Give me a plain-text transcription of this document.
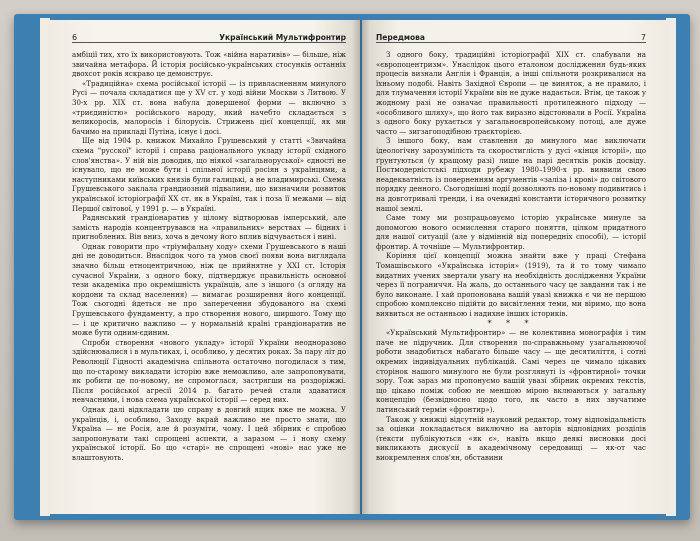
6	Український Мультифронтир

амбіції тих, хто їх використовують. Тож «війна наративів» — більше, ніж звичайна метафора. Й історія російсько-українських стосунків останніх двохсот років яскраво це демонструє.

«Традиційна» схема російської історії — із привласненням минулого Русі — почала складатися ще у XV ст. у ході війни Москви з Литвою. У 30-х рр. XIX ст. вона набула довершеної форми — включно з «триєдиністю» російського народу, який начебто складається з великоросів, малоросів і білорусів. Стрижень цієї концепції, як ми бачимо на прикладі Путіна, існує і досі.

Ще від 1904 р. книжок Михайло Грушевський у статті «Звичайна схема "русскої" історії і справа раціонального укладу історії східного слов'янства». У ній він доводив, що ніякої «загальноруської» єдності не існувало, що не може бути і спільної історії росіян з українцями, а наступниками київських князів були галицькі, а не владимирські. Схема Грушевського заклала грандиозний підвалини, що визначили розвиток української історіографії ХХ ст. як в Україні, так і поза її межами — від Першої світової, у 1991 р. — в Україні.

Радянський грандіонаратив у цілому відтворював імперський, але замість народів концентрувався на «правильних» верствах — бідних і пригноблених. Він вниз, хоча в дечому його вплив відчувається і нині.

Однак говорити про «тріумфальну ходу» схеми Грушевського в наші дні не доводиться. Внаслідок чого та умов своєї появи вона виглядала значно більш етноцентричною, ніж це прийнятне у ХХІ ст. Історія сучасної України, з одного боку, підтверджує правильність основної тези академіка про окремішність українців, але з іншого (з огляду на кордони та склад населення) — вимагає розширення його концепції. Тож сьогодні йдеться не про заперечення збудованого на схемі Грушевського фундаменту, а про створення нового, ширшого. Тому що — і це критично важливо — у нормальній країні грандіонаратив не може бути одним-єдиним.

Спроби створення «нового укладу» історії України неодноразово здійснювалися і в мультиках, і, особливо, у десятих роках. За пару літ до Революції Гідності академічна спільнота остаточно погодилася з тим, що по-старому викладати історію вже неможливо, але запропонувати, як робити це по-новому, не спромоглася, застрягши на роздоріжжі. Після російської агресії 2014 р. багато речей стали здаватися невчасними, і нова схема української історії — серед них.

Однак далі відкладати цю справу в довгий ящик вже не можна. У українців, і, особливо, Заходу вкрай важливо не просто знати, що Україна — не Росія, але й розуміти, чому. І цей збірник є спробою запропонувати такі спрощені аспекти, а заразом — і нову схему української історії. Бо що «старі» не спрощені «нові» нас уже не влаштовують.

Передмова	7

З одного боку, традиційні історіографії XIX ст. слабували на «європоцентризм». Унаслідок цього еталоном дослідження будь-яких процесів визнали Англія і Франція, а інші спільноти розкривалися на їхньому подобі. Навіть Західної Європи — це виняток, а не правило, і для тлумачення історії України він не дуже надається. Втім, це також у жодному разі не означає правильності протилежного підходу — «особливого шляху», що його так виразно відстоювали в Росії. Україна з одного боку рухається у загальноєвропейському потоці, але дуже часто — зигзагоподібною траєкторією.

З іншого боку, нам ставлення до минулого має виключати ідеологічну зарозумілість та скоростиглість у дусі «кінця історії», що ґрунтуються (у кращому разі) лише на парі десятків років досвіду. Постмодерністські підходи рубежу 1980–1990-х рр. виявили свою неадекватність із поверненням аргументів «заліза і крові» до світового порядку денного. Сьогоднішні події дозволяють по-новому подивитись і на довготривалі тренди, і на очевидні константи історичного розвитку нашої землі.

Саме тому ми розпрацьовуємо історію українське минуле за допомогою нового осмислення старого поняття, цілком придатного для нашої ситуації (але у відмінній від попередніх способі), — історії фронтир. А точніше — Мультифронтир.

Коріння цієї концепції можна знайти вже у праці Стефана Томашівського «Українська історія» (1919), та й то тому чимало видатних учених звертали увагу на необхідність дослідження України через її пограниччя. На жаль, до останнього часу це завдання так і не було виконане. І хай пропонована вашій увазі книжка є чи не першою спробою комплексно підійти до висвітлення теми, ми віримо, що вона виявиться не останньою і надихне інших істориків.

* * *

«Український Мультифронтир» — не колективна монографія і тим паче не підручник. Для створення по-справжньому узагальнюючої роботи знадобиться набагато більше часу — ще десятиліття, і сотні окремих індивідуальних публікацій. Самі через це чимало цікавих сторінок нашого минулого не були розглянуті із «фронтирної» точки зору. Тож зараз ми пропонуємо вашій увазі збірник окремих текстів, що цікаво поміж собою не меншою мірою вклюаються у загальну концепцію (безвідносно щодо того, як часто в них звучатиме латинський термін «фронтир»).

Також у книжці відсутній науковий редактор, тому відповідальність за оцінки покладається виключно на авторів відповідних розділів (тексти публікуються «як є», навіть якщо деякі висновки досі викликають дискусії в академічному середовищі — як-от час виокремлення слов'ян, обставини
